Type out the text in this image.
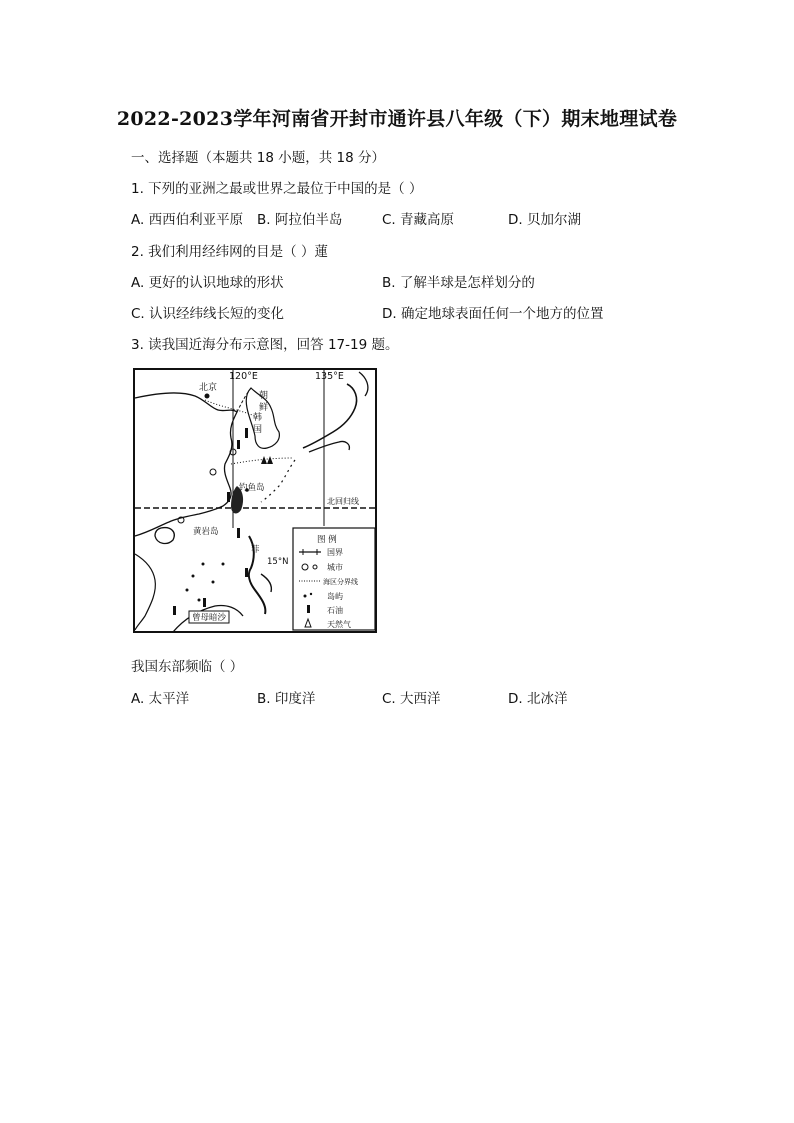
2022-2023学年河南省开封市通许县八年级（下）期末地理试卷
一、选择题（本题共 18 小题，共 18 分）
1. 下列的亚洲之最或世界之最位于中国的是（ ）
A. 西西伯利亚平原 B. 阿拉伯半岛	C. 青藏高原	D. 贝加尔湖
2. 我们利用经纬网的目是（ ）蓮
A. 更好的认识地球的形状	B. 了解半球是怎样划分的
C. 认识经纬线长短的变化	D. 确定地球表面任何一个地方的位置
3. 读我国近海分布示意图，回答 17-19 题。
120°E	135°E
北京
朝
鲜
韩
国
钓鱼岛
北回归线
黄岩岛
15°N
菲
曾母暗沙
图 例
国界
城市
海区分界线
岛屿
石油
天然气
我国东部频临（ ）
A. 太平洋	B. 印度洋	C. 大西洋	D. 北冰洋
